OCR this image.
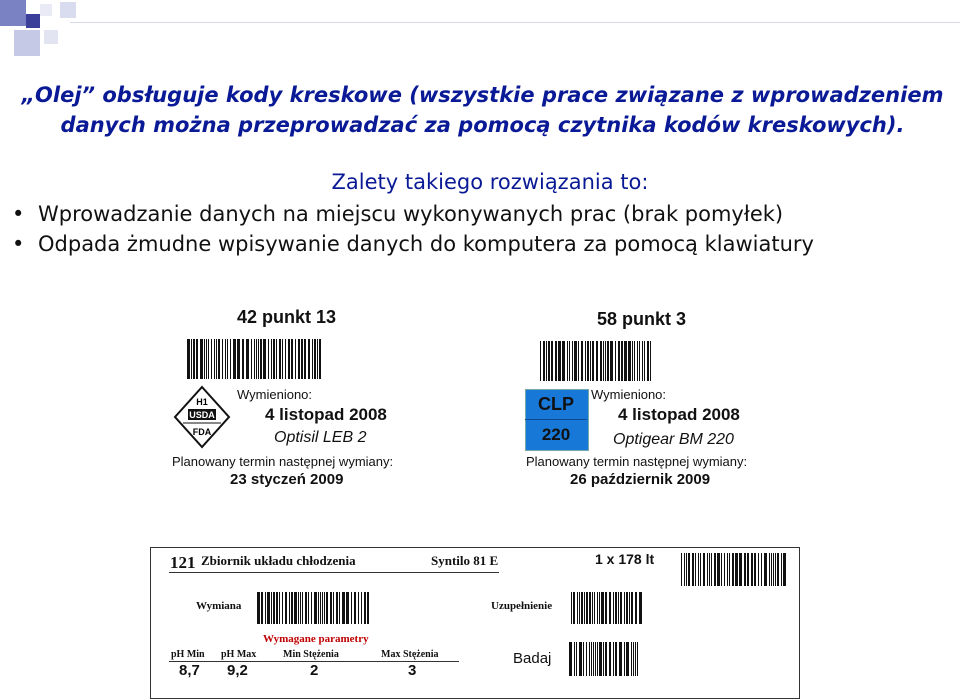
„Olej” obsługuje kody kreskowe (wszystkie prace związane z wprowadzeniem
danych można przeprowadzać za pomocą czytnika kodów kreskowych).
Zalety takiego rozwiązania to:
• Wprowadzanie danych na miejscu wykonywanych prac (brak pomyłek)
• Odpada żmudne wpisywanie danych do komputera za pomocą klawiatury
42 punkt 13
H1
USDA
FDA
Wymieniono:
4 listopad 2008
Optisil LEB 2
Planowany termin następnej wymiany:
23 styczeń 2009
58 punkt 3
CLP
220
Wymieniono:
4 listopad 2008
Optigear BM 220
Planowany termin następnej wymiany:
26 październik 2009
121 Zbiornik układu chłodzenia	Syntilo 81 E	1 x 178 lt
Wymiana	Uzupełnienie
Wymagane parametry
pH Min pH Max	Min Stężenia	Max Stężenia
8,7 9,2	2	3
Badaj
